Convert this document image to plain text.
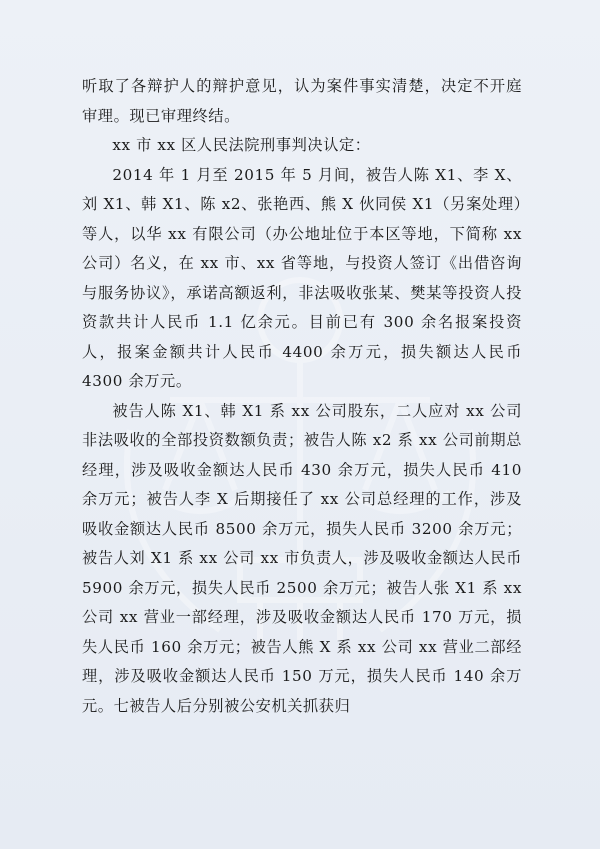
听取了各辩护人的辩护意见，认为案件事实清楚，决定不开庭审理。现已审理终结。

xx 市 xx 区人民法院刑事判决认定：

2014 年 1 月至 2015 年 5 月间，被告人陈 X1、李 X、刘 X1、韩 X1、陈 x2、张艳西、熊 X 伙同侯 X1（另案处理）等人，以华 xx 有限公司（办公地址位于本区等地，下简称 xx 公司）名义，在 xx 市、xx 省等地，与投资人签订《出借咨询与服务协议》，承诺高额返利，非法吸收张某、樊某等投资人投资款共计人民币 1.1 亿余元。目前已有 300 余名报案投资人，报案金额共计人民币 4400 余万元，损失额达人民币 4300 余万元。

被告人陈 X1、韩 X1 系 xx 公司股东，二人应对 xx 公司非法吸收的全部投资数额负责；被告人陈 x2 系 xx 公司前期总经理，涉及吸收金额达人民币 430 余万元，损失人民币 410 余万元；被告人李 X 后期接任了 xx 公司总经理的工作，涉及吸收金额达人民币 8500 余万元，损失人民币 3200 余万元；被告人刘 X1 系 xx 公司 xx 市负责人，涉及吸收金额达人民币 5900 余万元，损失人民币 2500 余万元；被告人张 X1 系 xx 公司 xx 营业一部经理，涉及吸收金额达人民币 170 万元，损失人民币 160 余万元；被告人熊 X 系 xx 公司 xx 营业二部经理，涉及吸收金额达人民币 150 万元，损失人民币 140 余万元。七被告人后分别被公安机关抓获归
